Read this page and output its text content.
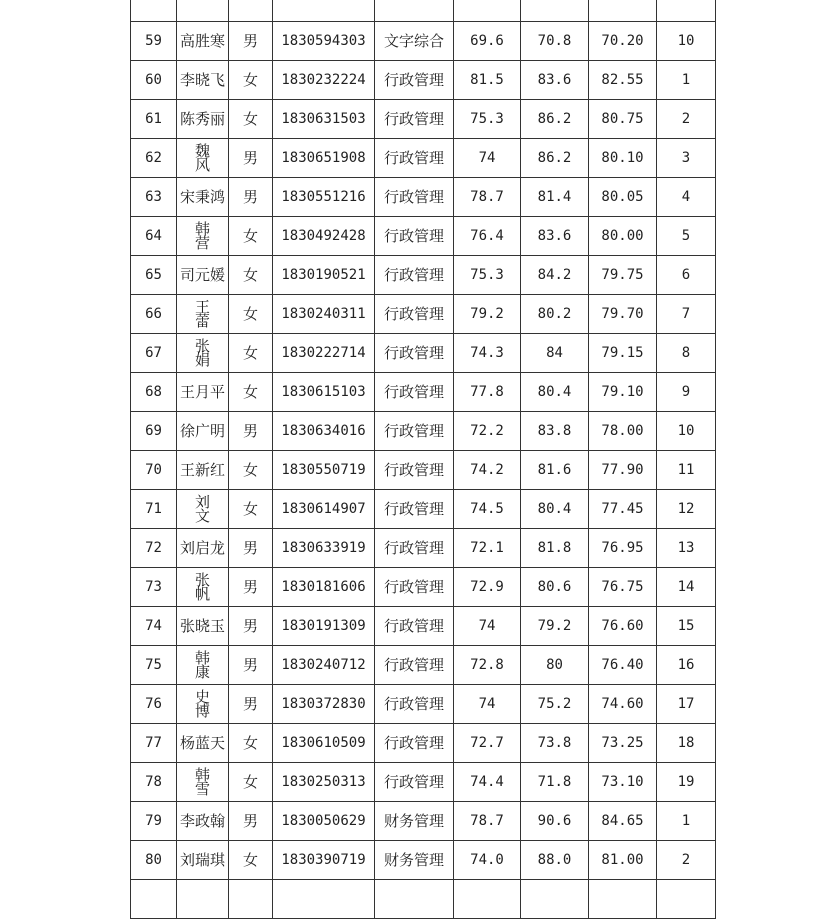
59	高胜寒	男	1830594303	文字综合	69.6	70.8	70.20	10
60	李晓飞	女	1830232224	行政管理	81.5	83.6	82.55	1
61	陈秀丽	女	1830631503	行政管理	75.3	86.2	80.75	2
62	魏风	男	1830651908	行政管理	74	86.2	80.10	3
63	宋秉鸿	男	1830551216	行政管理	78.7	81.4	80.05	4
64	韩营	女	1830492428	行政管理	76.4	83.6	80.00	5
65	司元媛	女	1830190521	行政管理	75.3	84.2	79.75	6
66	王蕾	女	1830240311	行政管理	79.2	80.2	79.70	7
67	张娟	女	1830222714	行政管理	74.3	84	79.15	8
68	王月平	女	1830615103	行政管理	77.8	80.4	79.10	9
69	徐广明	男	1830634016	行政管理	72.2	83.8	78.00	10
70	王新红	女	1830550719	行政管理	74.2	81.6	77.90	11
71	刘文	女	1830614907	行政管理	74.5	80.4	77.45	12
72	刘启龙	男	1830633919	行政管理	72.1	81.8	76.95	13
73	张帆	男	1830181606	行政管理	72.9	80.6	76.75	14
74	张晓玉	男	1830191309	行政管理	74	79.2	76.60	15
75	韩康	男	1830240712	行政管理	72.8	80	76.40	16
76	史博	男	1830372830	行政管理	74	75.2	74.60	17
77	杨蓝天	女	1830610509	行政管理	72.7	73.8	73.25	18
78	韩雪	女	1830250313	行政管理	74.4	71.8	73.10	19
79	李政翰	男	1830050629	财务管理	78.7	90.6	84.65	1
80	刘瑞琪	女	1830390719	财务管理	74.0	88.0	81.00	2
